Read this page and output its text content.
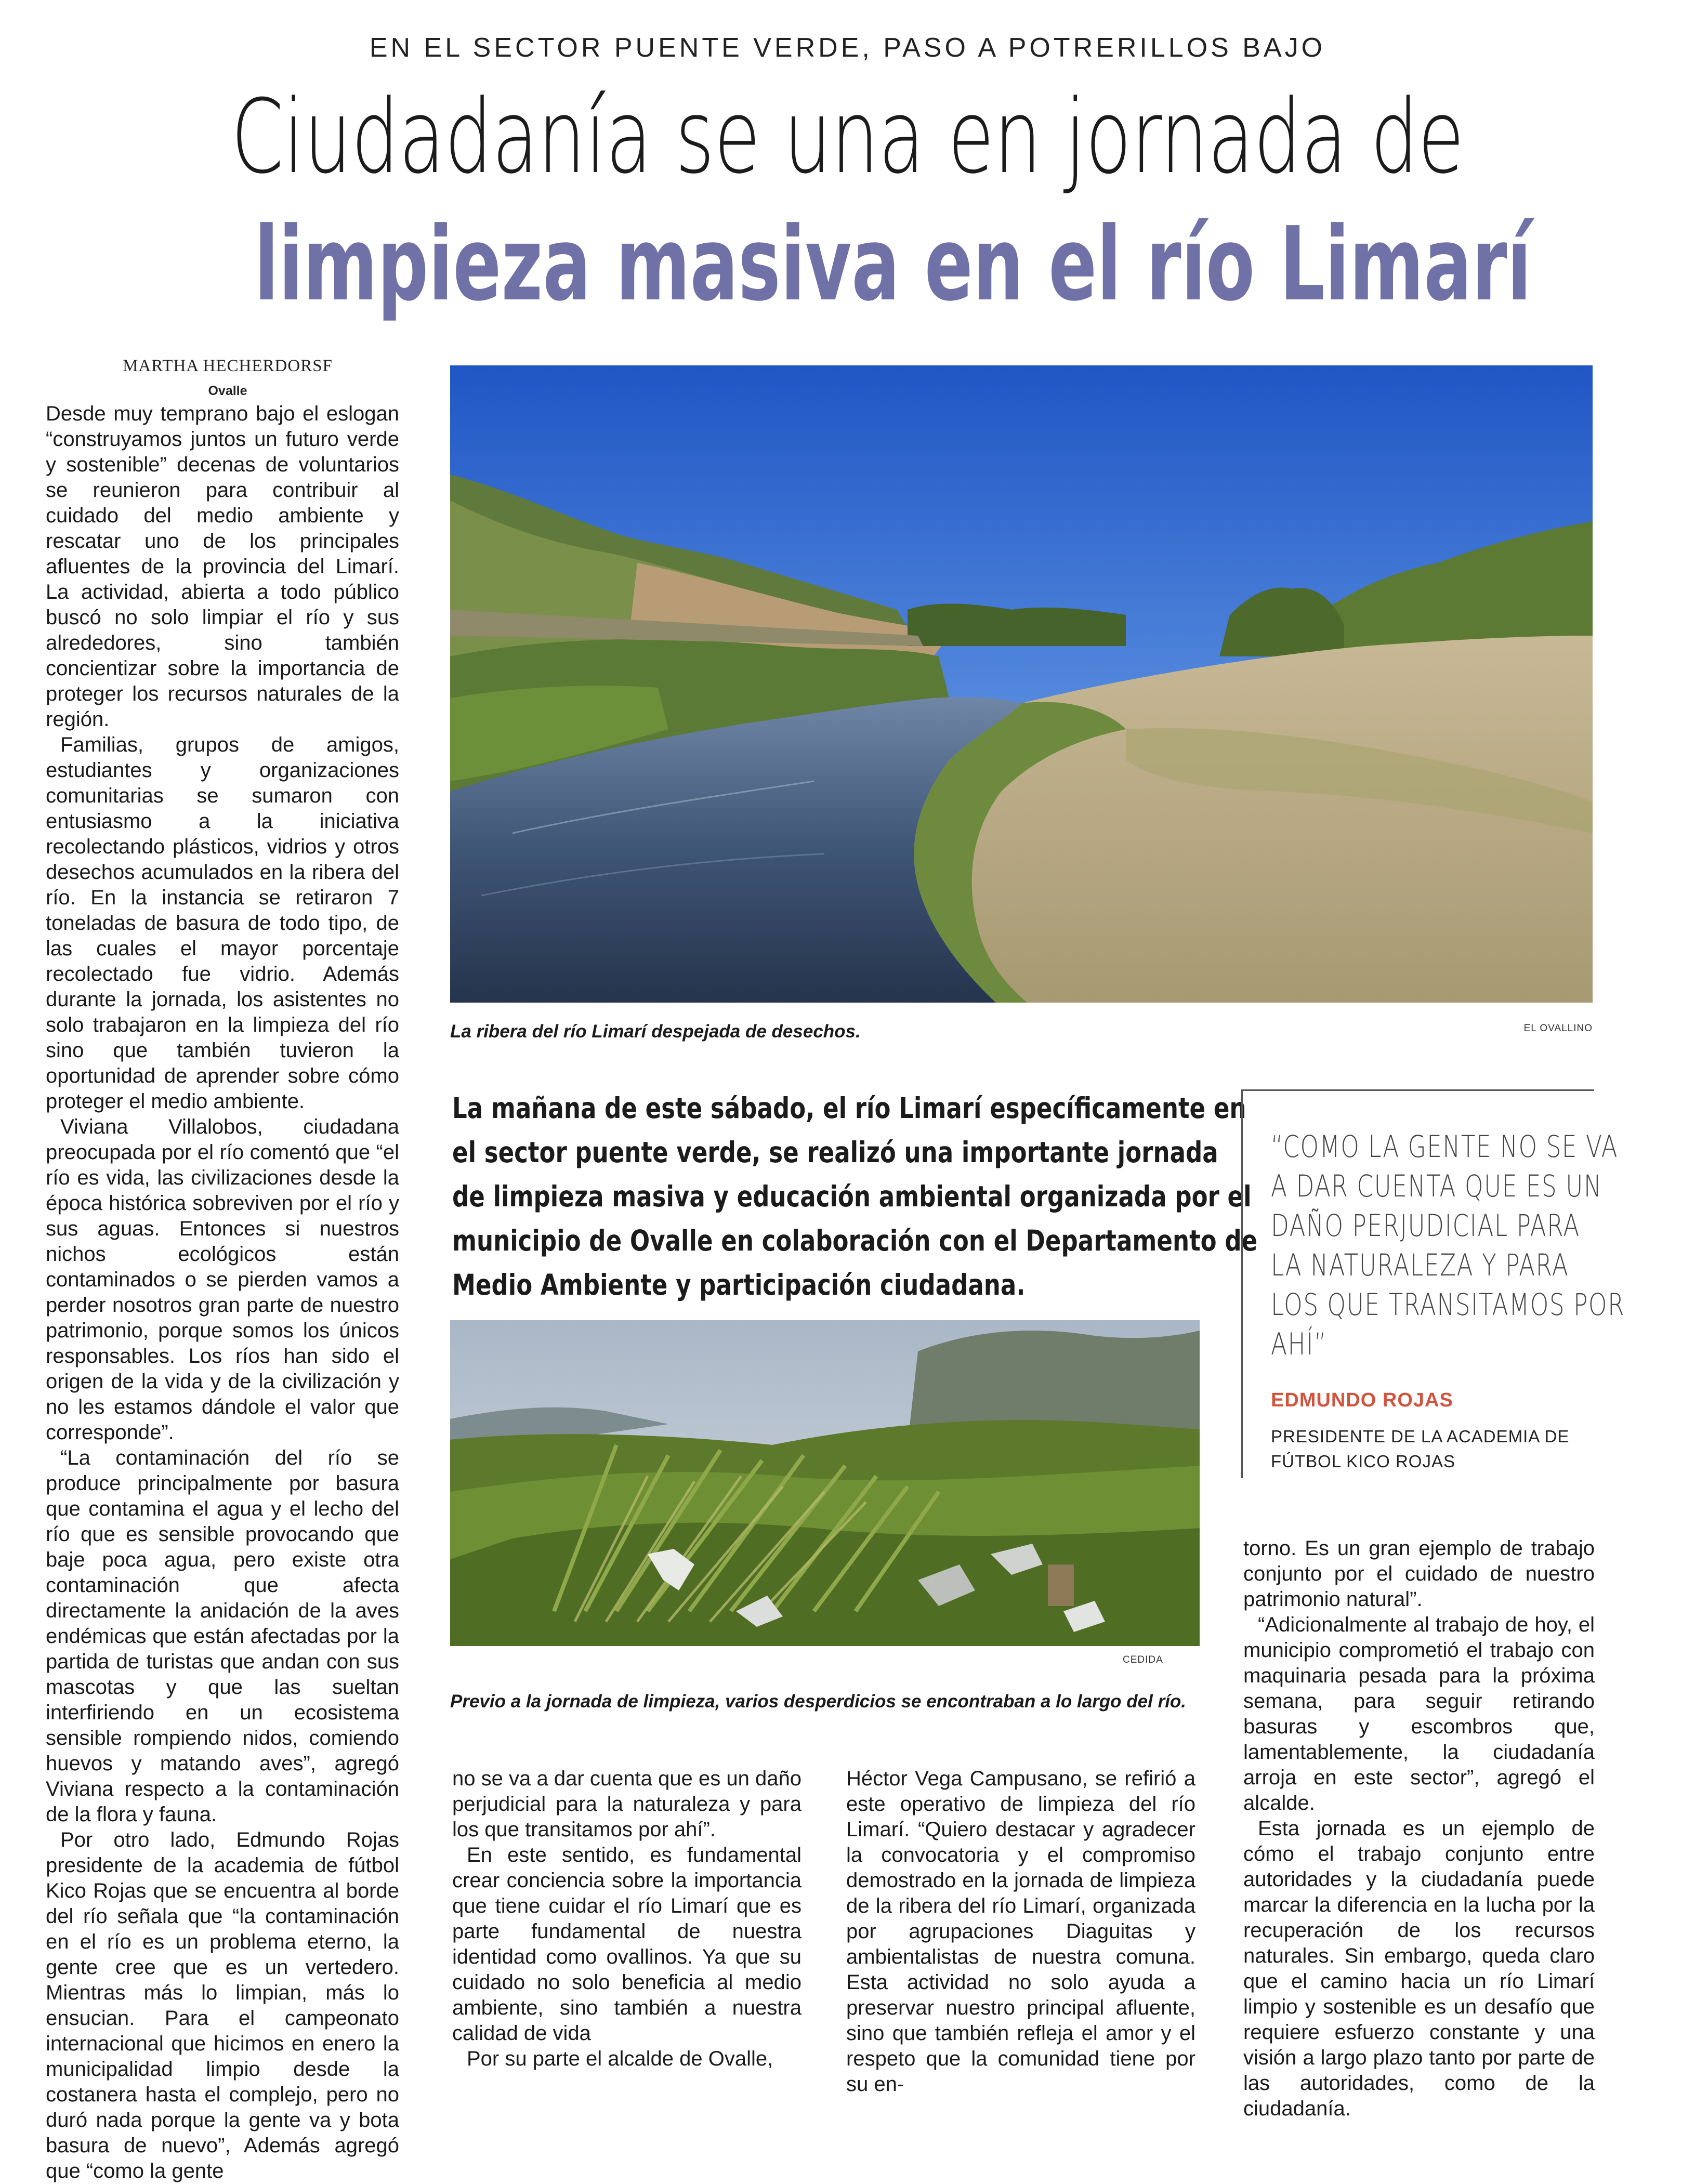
EN EL SECTOR PUENTE VERDE, PASO A POTRERILLOS BAJO
Ciudadanía se una en jornada de
limpieza masiva en el río Limarí
MARTHA HECHERDORSF
Ovalle

Desde muy temprano bajo el eslogan “construyamos juntos un futuro verde y sostenible” decenas de voluntarios se reunieron para contribuir al cuidado del medio ambiente y rescatar uno de los principales afluentes de la provincia del Limarí. La actividad, abierta a todo público buscó no solo limpiar el río y sus alrededores, sino también concientizar sobre la importancia de proteger los recursos naturales de la región.

Familias, grupos de amigos, estudiantes y organizaciones comunitarias se sumaron con entusiasmo a la iniciativa recolectando plásticos, vidrios y otros desechos acumulados en la ribera del río. En la instancia se retiraron 7 toneladas de basura de todo tipo, de las cuales el mayor porcentaje recolectado fue vidrio. Además durante la jornada, los asistentes no solo trabajaron en la limpieza del río sino que también tuvieron la oportunidad de aprender sobre cómo proteger el medio ambiente.

Viviana Villalobos, ciudadana preocupada por el río comentó que “el río es vida, las civilizaciones desde la época histórica sobreviven por el río y sus aguas. Entonces si nuestros nichos ecológicos están contaminados o se pierden vamos a perder nosotros gran parte de nuestro patrimonio, porque somos los únicos responsables. Los ríos han sido el origen de la vida y de la civilización y no les estamos dándole el valor que corresponde”.

“La contaminación del río se produce principalmente por basura que contamina el agua y el lecho del río que es sensible provocando que baje poca agua, pero existe otra contaminación que afecta directamente la anidación de la aves endémicas que están afectadas por la partida de turistas que andan con sus mascotas y que las sueltan interfiriendo en un ecosistema sensible rompiendo nidos, comiendo huevos y matando aves”, agregó Viviana respecto a la contaminación de la flora y fauna.

Por otro lado, Edmundo Rojas presidente de la academia de fútbol Kico Rojas que se encuentra al borde del río señala que “la contaminación en el río es un problema eterno, la gente cree que es un vertedero. Mientras más lo limpian, más lo ensucian. Para el campeonato internacional que hicimos en enero la municipalidad limpio desde la costanera hasta el complejo, pero no duró nada porque la gente va y bota basura de nuevo”, Además agregó que “como la gente

La ribera del río Limarí despejada de desechos.	EL OVALLINO
La mañana de este sábado, el río Limarí específicamente en
el sector puente verde, se realizó una importante jornada
de limpieza masiva y educación ambiental organizada por el
municipio de Ovalle en colaboración con el Departamento de
Medio Ambiente y participación ciudadana.
“COMO LA GENTE NO SE VA
A DAR CUENTA QUE ES UN
DAÑO PERJUDICIAL PARA
LA NATURALEZA Y PARA
LOS QUE TRANSITAMOS POR
AHÍ”
EDMUNDO ROJAS
PRESIDENTE DE LA ACADEMIA DE FÚTBOL KICO ROJAS
CEDIDA
Previo a la jornada de limpieza, varios desperdicios se encontraban a lo largo del río.

no se va a dar cuenta que es un daño perjudicial para la naturaleza y para los que transitamos por ahí”.

En este sentido, es fundamental crear conciencia sobre la importancia que tiene cuidar el río Limarí que es parte fundamental de nuestra identidad como ovallinos. Ya que su cuidado no solo beneficia al medio ambiente, sino también a nuestra calidad de vida

Por su parte el alcalde de Ovalle,

Héctor Vega Campusano, se refirió a este operativo de limpieza del río Limarí. “Quiero destacar y agradecer la convocatoria y el compromiso demostrado en la jornada de limpieza de la ribera del río Limarí, organizada por agrupaciones Diaguitas y ambientalistas de nuestra comuna. Esta actividad no solo ayuda a preservar nuestro principal afluente, sino que también refleja el amor y el respeto que la comunidad tiene por su en-

torno. Es un gran ejemplo de trabajo conjunto por el cuidado de nuestro patrimonio natural”.

“Adicionalmente al trabajo de hoy, el municipio comprometió el trabajo con maquinaria pesada para la próxima semana, para seguir retirando basuras y escombros que, lamentablemente, la ciudadanía arroja en este sector”, agregó el alcalde.

Esta jornada es un ejemplo de cómo el trabajo conjunto entre autoridades y la ciudadanía puede marcar la diferencia en la lucha por la recuperación de los recursos naturales. Sin embargo, queda claro que el camino hacia un río Limarí limpio y sostenible es un desafío que requiere esfuerzo constante y una visión a largo plazo tanto por parte de las autoridades, como de la ciudadanía.
